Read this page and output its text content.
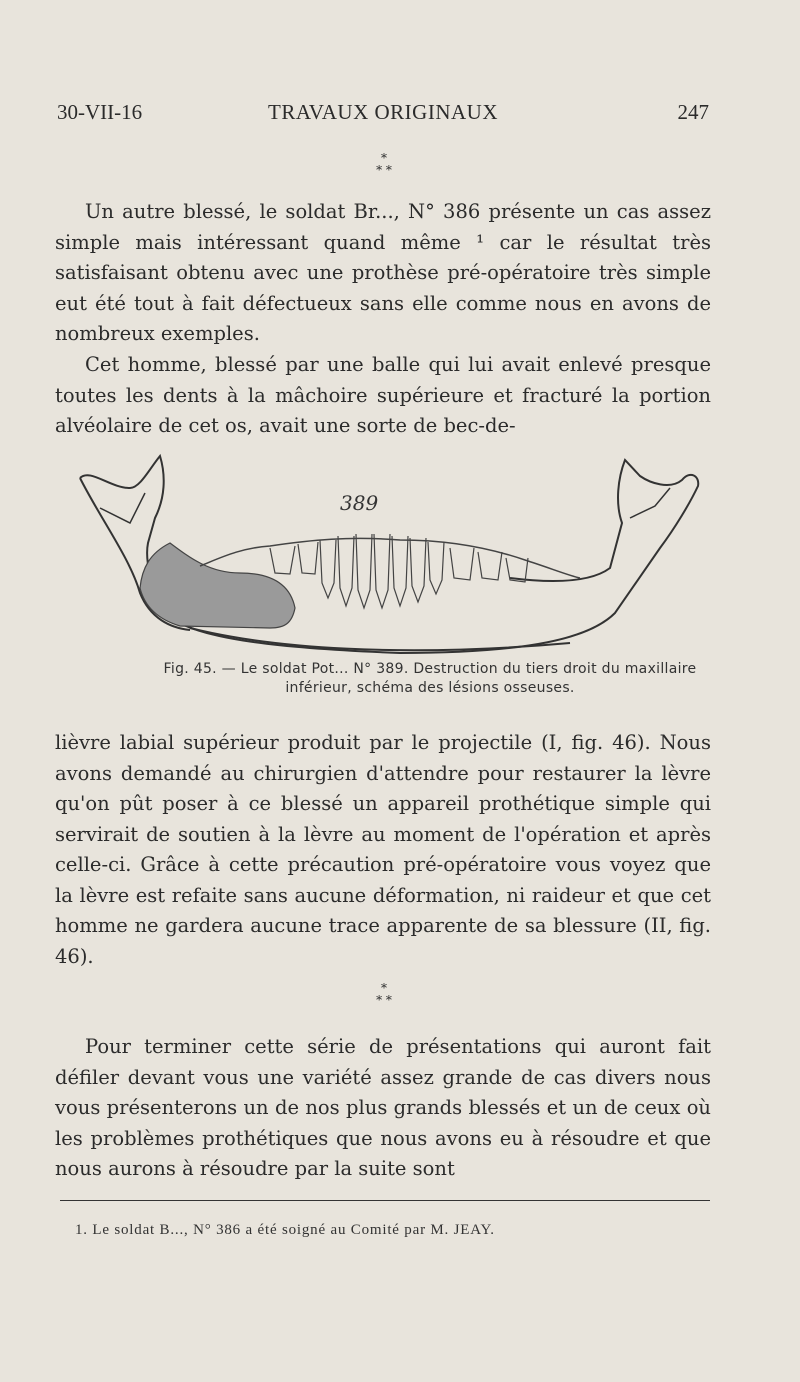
30-VII-16	TRAVAUX ORIGINAUX	247
*
* *

Un autre blessé, le soldat Br..., N° 386 présente un cas assez simple mais intéressant quand même ¹ car le résultat très satisfaisant obtenu avec une prothèse pré-opératoire très simple eut été tout à fait défectueux sans elle comme nous en avons de nombreux exemples.

Cet homme, blessé par une balle qui lui avait enlevé presque toutes les dents à la mâchoire supérieure et fracturé la portion alvéolaire de cet os, avait une sorte de bec-de-

389
Fig. 45. — Le soldat Pot... N° 389. Destruction du tiers droit du maxillaire inférieur, schéma des lésions osseuses.

lièvre labial supérieur produit par le projectile (I, fig. 46). Nous avons demandé au chirurgien d'attendre pour restaurer la lèvre qu'on pût poser à ce blessé un appareil prothétique simple qui servirait de soutien à la lèvre au moment de l'opération et après celle-ci. Grâce à cette précaution pré-opératoire vous voyez que la lèvre est refaite sans aucune déformation, ni raideur et que cet homme ne gardera aucune trace apparente de sa blessure (II, fig. 46).

*
* *

Pour terminer cette série de présentations qui auront fait défiler devant vous une variété assez grande de cas divers nous vous présenterons un de nos plus grands blessés et un de ceux où les problèmes prothétiques que nous avons eu à résoudre et que nous aurons à résoudre par la suite sont

1. Le soldat B..., N° 386 a été soigné au Comité par M. JEAY.
